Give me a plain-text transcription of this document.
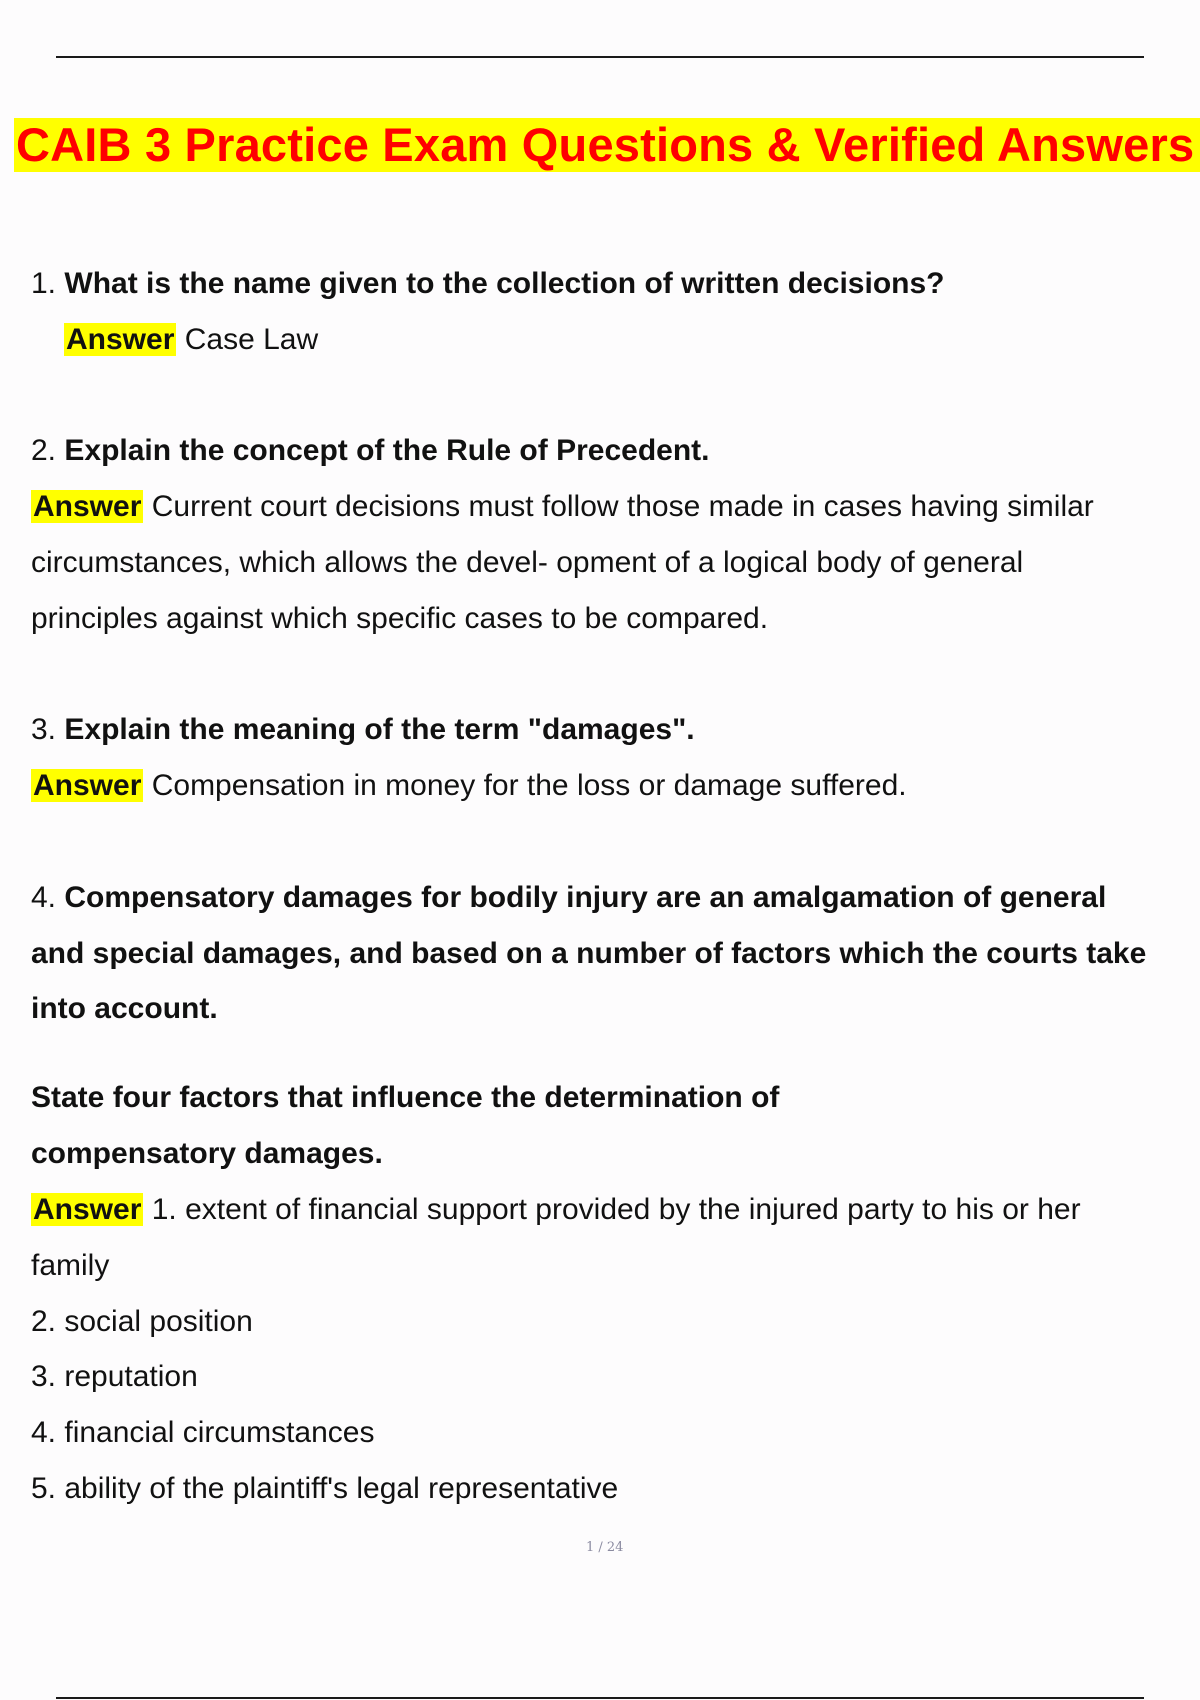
CAIB 3 Practice Exam Questions & Verified Answers
1. What is the name given to the collection of written decisions?
Answer Case Law
2. Explain the concept of the Rule of Precedent.
Answer Current court decisions must follow those made in cases having similar
circumstances, which allows the devel- opment of a logical body of general
principles against which specific cases to be compared.
3. Explain the meaning of the term "damages".
Answer Compensation in money for the loss or damage suffered.
4. Compensatory damages for bodily injury are an amalgamation of general
and special damages, and based on a number of factors which the courts take
into account.
State four factors that influence the determination of
compensatory damages.
Answer 1. extent of financial support provided by the injured party to his or her
family
2. social position
3. reputation
4. financial circumstances
5. ability of the plaintiff's legal representative
1 / 24
